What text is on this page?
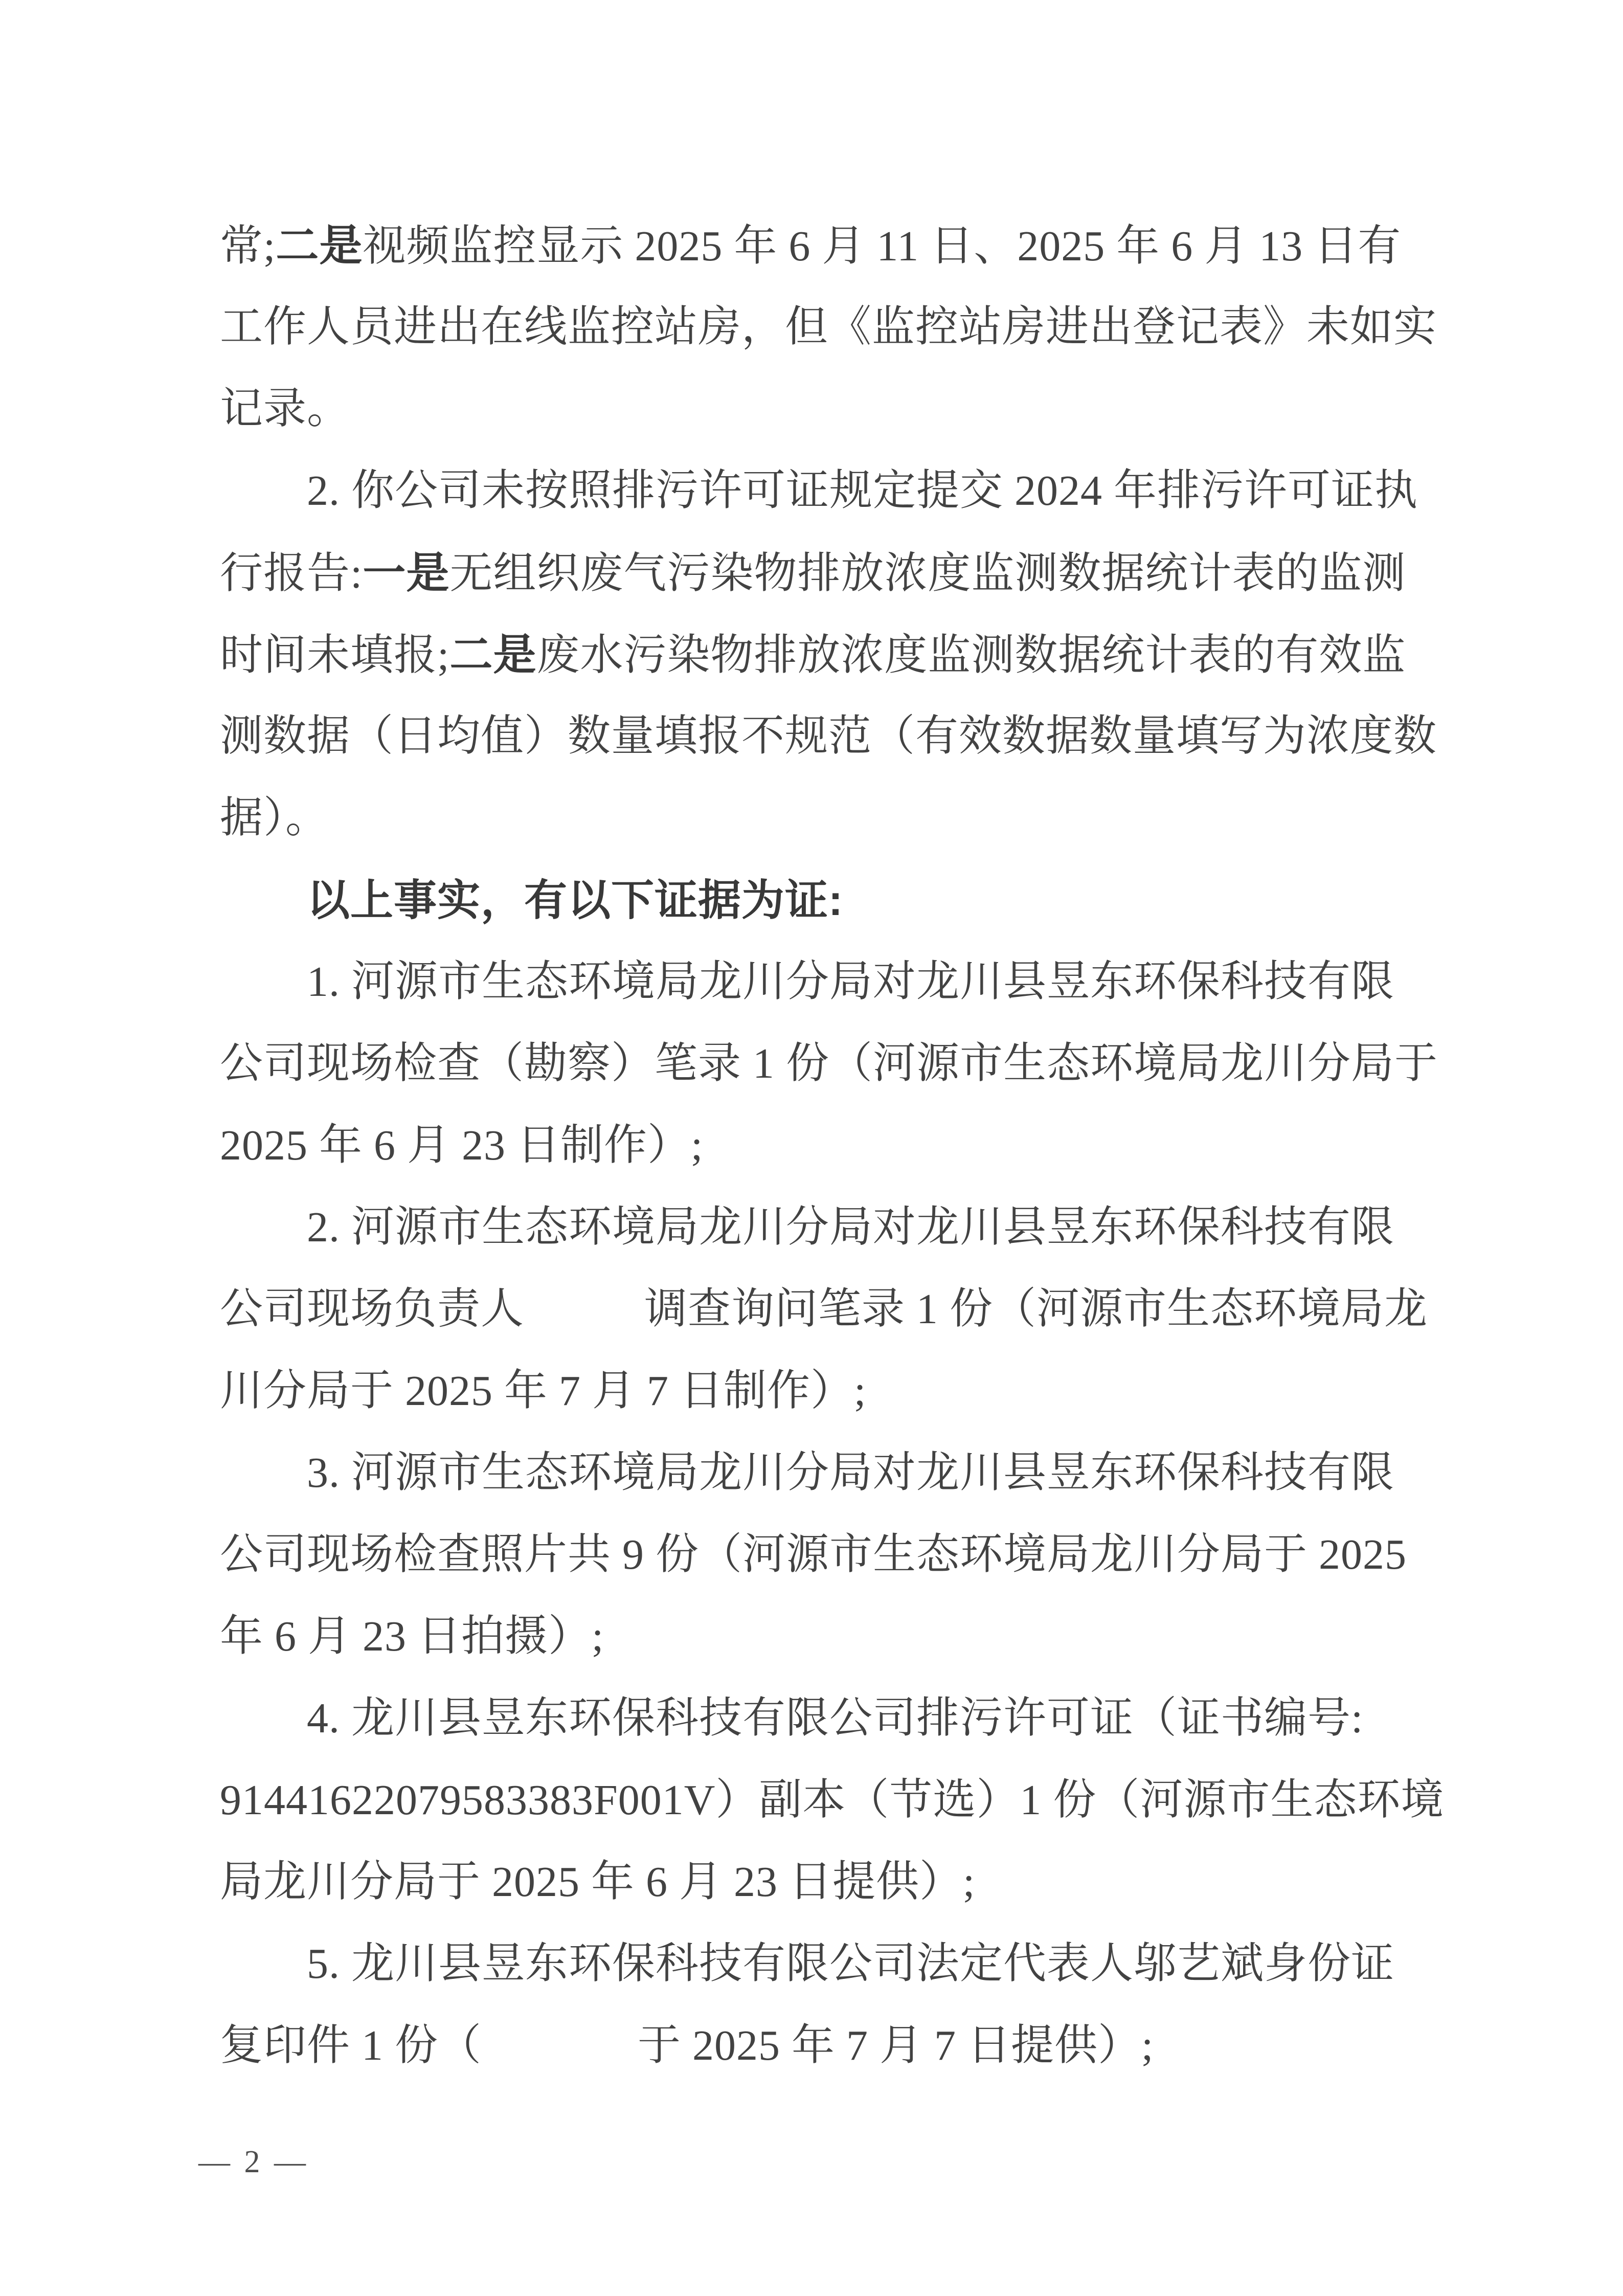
常;二是视频监控显示 2025 年 6 月 11 日、2025 年 6 月 13 日有
工作人员进出在线监控站房，但《监控站房进出登记表》未如实
记录。
2. 你公司未按照排污许可证规定提交 2024 年排污许可证执
行报告:一是无组织废气污染物排放浓度监测数据统计表的监测
时间未填报;二是废水污染物排放浓度监测数据统计表的有效监
测数据（日均值）数量填报不规范（有效数据数量填写为浓度数
据）。
以上事实，有以下证据为证:
1. 河源市生态环境局龙川分局对龙川县昱东环保科技有限
公司现场检查（勘察）笔录 1 份（河源市生态环境局龙川分局于
2025 年 6 月 23 日制作）;
2. 河源市生态环境局龙川分局对龙川县昱东环保科技有限
公司现场负责人	调查询问笔录 1 份（河源市生态环境局龙
川分局于 2025 年 7 月 7 日制作）;
3. 河源市生态环境局龙川分局对龙川县昱东环保科技有限
公司现场检查照片共 9 份（河源市生态环境局龙川分局于 2025
年 6 月 23 日拍摄）;
4. 龙川县昱东环保科技有限公司排污许可证（证书编号:
91441622079583383F001V）副本（节选）1 份（河源市生态环境
局龙川分局于 2025 年 6 月 23 日提供）;
5. 龙川县昱东环保科技有限公司法定代表人邬艺斌身份证
复印件 1 份（	于 2025 年 7 月 7 日提供）;
— 2 —
